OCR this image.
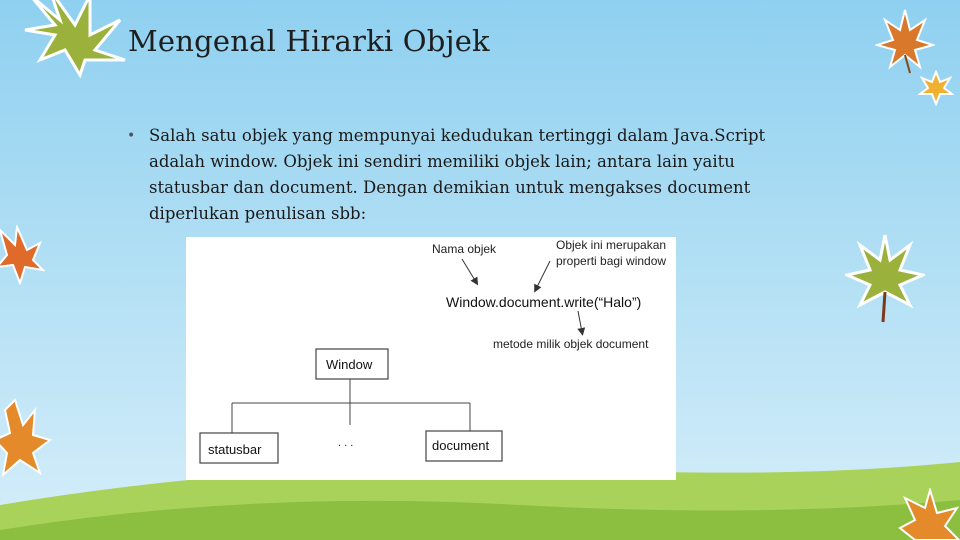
Mengenal Hirarki Objek
• Salah satu objek yang mempunyai kedudukan tertinggi dalam Java.Script adalah window. Objek ini sendiri memiliki objek lain; antara lain yaitu statusbar dan document. Dengan demikian untuk mengakses document diperlukan penulisan sbb:
Nama objek	Objek ini merupakan
properti bagi window
Window.document.write(“Halo”)
metode milik objek document
Window
statusbar	. . .	document
